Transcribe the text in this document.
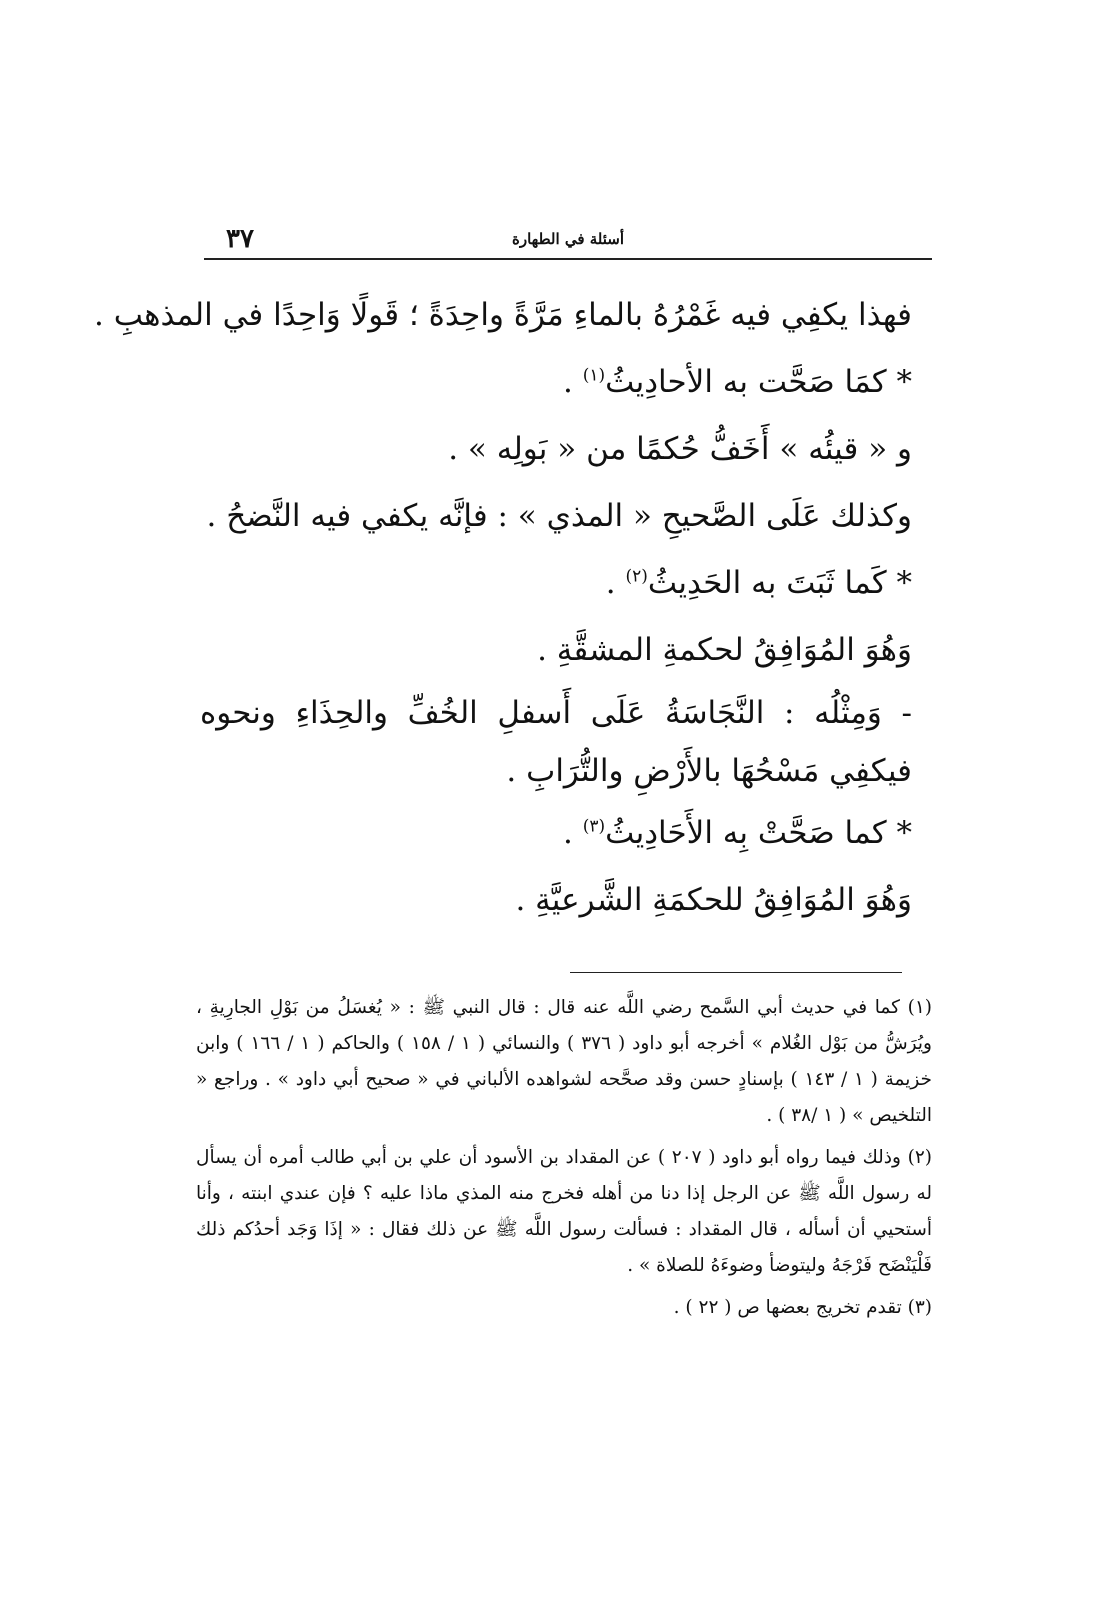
٣٧	أسئلة في الطهارة
فهذا يكفِي فيه غَمْرُهُ بالماءِ مَرَّةً واحِدَةً ؛ قَولًا وَاحِدًا في المذهبِ .
* كمَا صَحَّت به الأحادِيثُ$^{(١)}$ .
و « قيئُه » أَخَفُّ حُكمًا من « بَولِه » .
وكذلك عَلَى الصَّحيحِ « المذي » : فإنَّه يكفي فيه النَّضحُ .
* كَما ثَبَتَ به الحَدِيثُ$^{(٢)}$ .
وَهُوَ المُوَافِقُ لحكمةِ المشقَّةِ .
- وَمِثْلُه : النَّجَاسَةُ عَلَى أَسفلِ الخُفِّ والحِذَاءِ ونحوه فيكفِي مَسْحُهَا بالأَرْضِ والتُّرَابِ .
* كما صَحَّتْ بِه الأَحَادِيثُ$^{(٣)}$ .
وَهُوَ المُوَافِقُ للحكمَةِ الشَّرعيَّةِ .

(١) كما في حديث أبي السَّمح رضي اللَّه عنه قال : قال النبي ﷺ : « يُغسَلُ من بَوْلِ الجارِيةِ ، ويُرَشُّ من بَوْل الغُلام » أخرجه أبو داود ( ٣٧٦ ) والنسائي ( ١ / ١٥٨ ) والحاكم ( ١ / ١٦٦ ) وابن خزيمة ( ١ / ١٤٣ ) بإسنادٍ حسن وقد صحَّحه لشواهده الألباني في « صحيح أبي داود » . وراجع « التلخيص » ( ١ /٣٨ ) .

(٢) وذلك فيما رواه أبو داود ( ٢٠٧ ) عن المقداد بن الأسود أن علي بن أبي طالب أمره أن يسأل له رسول اللَّه ﷺ عن الرجل إذا دنا من أهله فخرج منه المذي ماذا عليه ؟ فإن عندي ابنته ، وأنا أستحيي أن أسأله ، قال المقداد : فسألت رسول اللَّه ﷺ عن ذلك فقال : « إذَا وَجَد أحدُكم ذلك فَلْيَنْضَح فَرْجَهُ وليتوضأ وضوءَهُ للصلاة » .

(٣) تقدم تخريج بعضها ص ( ٢٢ ) .
